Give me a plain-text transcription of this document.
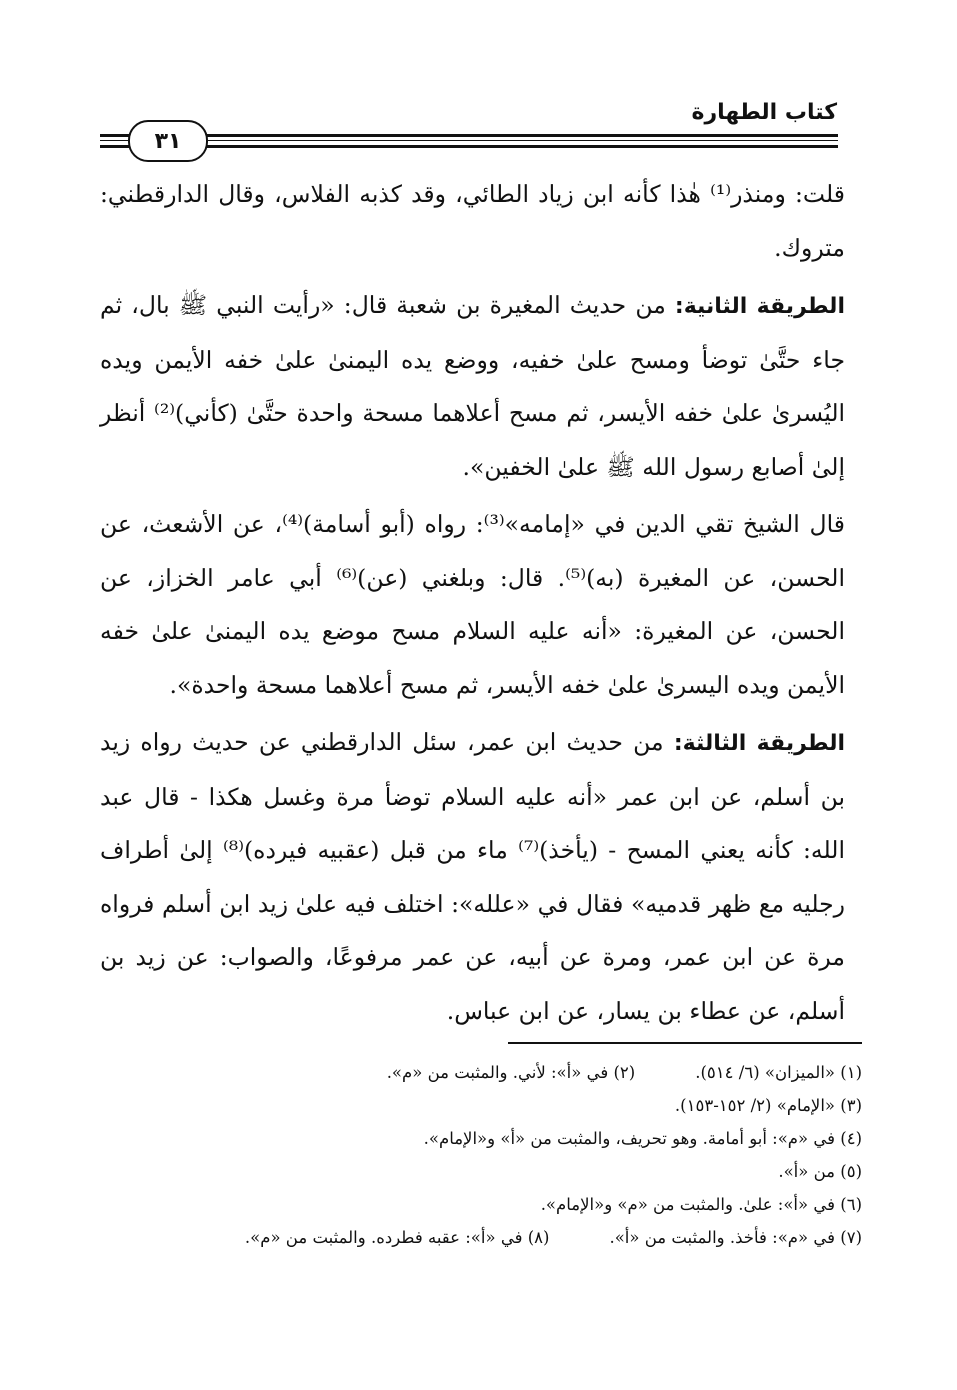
كتاب الطهارة
٣١

قلت: ومنذر⁽¹⁾ هٰذا كأنه ابن زياد الطائي، وقد كذبه الفلاس، وقال الدارقطني: متروك.

الطريقة الثانية: من حديث المغيرة بن شعبة قال: «رأيت النبي ﷺ بال، ثم جاء حتَّىٰ توضأ ومسح علىٰ خفيه، ووضع يده اليمنىٰ علىٰ خفه الأيمن ويده اليُسرىٰ علىٰ خفه الأيسر، ثم مسح أعلاهما مسحة واحدة حتَّىٰ (كأني)⁽²⁾ أنظر إلىٰ أصابع رسول الله ﷺ علىٰ الخفين».

قال الشيخ تقي الدين في «إمامه»⁽³⁾: رواه (أبو أسامة)⁽⁴⁾، عن الأشعث، عن الحسن، عن المغيرة (به)⁽⁵⁾. قال: وبلغني (عن)⁽⁶⁾ أبي عامر الخزاز، عن الحسن، عن المغيرة: «أنه عليه السلام مسح موضع يده اليمنىٰ علىٰ خفه الأيمن ويده اليسرىٰ علىٰ خفه الأيسر، ثم مسح أعلاهما مسحة واحدة».

الطريقة الثالثة: من حديث ابن عمر، سئل الدارقطني عن حديث رواه زيد بن أسلم، عن ابن عمر «أنه عليه السلام توضأ مرة وغسل هكذا - قال عبد الله: كأنه يعني المسح - (يأخذ)⁽⁷⁾ ماء من قبل (عقبيه فيرده)⁽⁸⁾ إلىٰ أطراف رجليه مع ظهر قدميه» فقال في «علله»: اختلف فيه علىٰ زيد ابن أسلم فرواه مرة عن ابن عمر، ومرة عن أبيه، عن عمر مرفوعًا، والصواب: عن زيد بن أسلم، عن عطاء بن يسار، عن ابن عباس.

(١) «الميزان» (٦/ ٥١٤).
(٢) في «أ»: لأني. والمثبت من «م».
(٣) «الإمام» (٢/ ١٥٢-١٥٣).
(٤) في «م»: أبو أمامة. وهو تحريف، والمثبت من «أ» و«الإمام».
(٥) من «أ».
(٦) في «أ»: علىٰ. والمثبت من «م» و«الإمام».
(٧) في «م»: فأخذ. والمثبت من «أ».
(٨) في «أ»: عقبه فطرده. والمثبت من «م».
